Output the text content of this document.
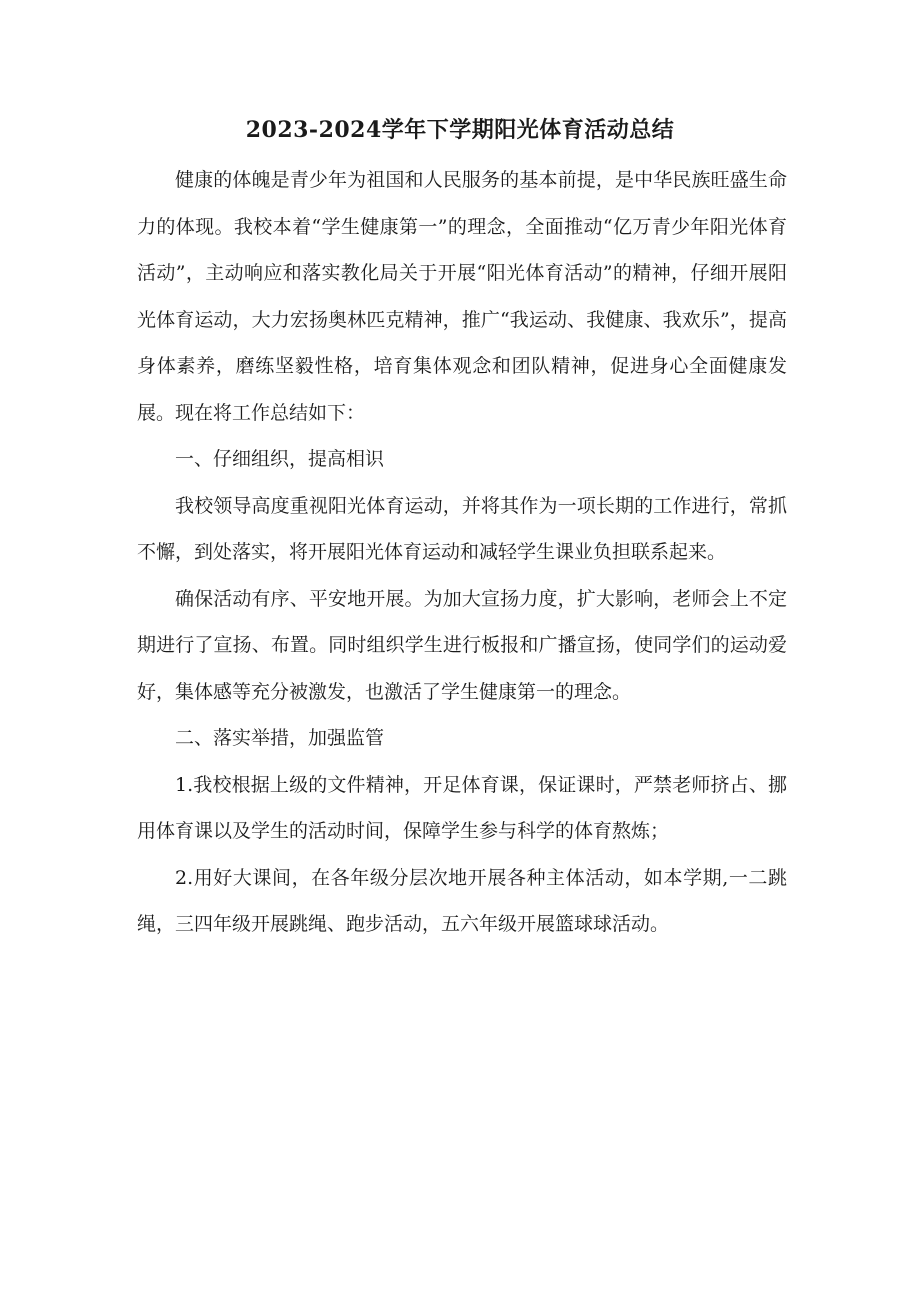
2023-2024学年下学期阳光体育活动总结

健康的体魄是青少年为祖国和人民服务的基本前提，是中华民族旺盛生命力的体现。我校本着“学生健康第一”的理念，全面推动“亿万青少年阳光体育活动”，主动响应和落实教化局关于开展“阳光体育活动”的精神，仔细开展阳光体育运动，大力宏扬奥林匹克精神，推广“我运动、我健康、我欢乐”，提高身体素养，磨练坚毅性格，培育集体观念和团队精神，促进身心全面健康发展。现在将工作总结如下：

一、仔细组织，提高相识

我校领导高度重视阳光体育运动，并将其作为一项长期的工作进行，常抓不懈，到处落实，将开展阳光体育运动和减轻学生课业负担联系起来。

确保活动有序、平安地开展。为加大宣扬力度，扩大影响，老师会上不定期进行了宣扬、布置。同时组织学生进行板报和广播宣扬，使同学们的运动爱好，集体感等充分被激发，也激活了学生健康第一的理念。

二、落实举措，加强监管

1.我校根据上级的文件精神，开足体育课，保证课时，严禁老师挤占、挪用体育课以及学生的活动时间，保障学生参与科学的体育熬炼；

2.用好大课间，在各年级分层次地开展各种主体活动，如本学期,一二跳绳，三四年级开展跳绳、跑步活动，五六年级开展篮球球活动。
